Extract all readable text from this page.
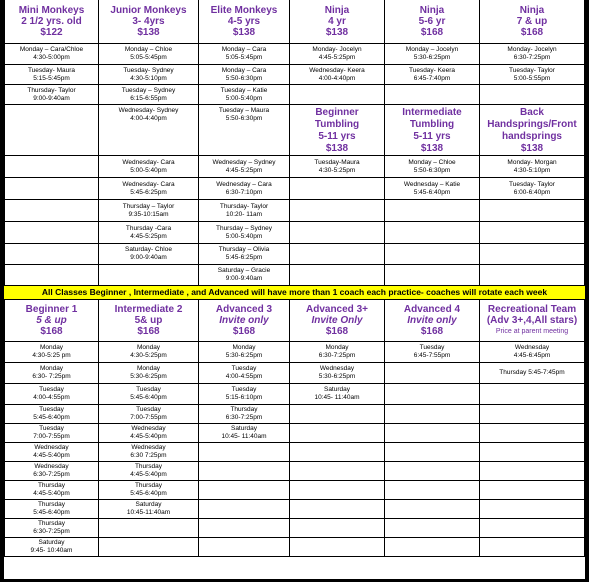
Mini Monkeys
2 1/2 yrs. old
$122
Junior Monkeys
3- 4yrs
$138
Elite Monkeys
4-5 yrs
$138
Ninja
4 yr
$138
Ninja
5-6 yr
$168
Ninja
7 & up
$168
Monday – Cara/Chloe
4:30-5:00pm
Monday – Chloe
5:05-5:45pm
Monday – Cara
5:05-5:45pm
Monday- Jocelyn
4:45-5:25pm
Monday – Jocelyn
5:30-6:25pm
Monday- Jocelyn
6:30-7:25pm
Tuesday- Maura
5:15-5:45pm
Tuesday- Sydney
4:30-5:10pm
Monday – Cara
5:50-6:30pm
Wednesday- Keera
4:00-4:40pm
Tuesday- Keera
6:45-7:40pm
Tuesday- Taylor
5:00-5:55pm
Thursday- Taylor
9:00-9:40am
Tuesday – Sydney
6:15-6:55pm
Tuesday – Katie
5:00-5:40pm
Wednesday- Sydney
4:00-4:40pm
Tuesday – Maura
5:50-6:30pm
Beginner
Tumbling
5-11 yrs
$138
Intermediate
Tumbling
5-11 yrs
$138
Back
Handsprings/Front
handsprings
$138
Wednesday- Cara
5:00-5:40pm
Wednesday – Sydney
4:45-5:25pm
Tuesday-Maura
4:30-5:25pm
Monday – Chloe
5:50-6:30pm
Monday- Morgan
4:30-5:10pm
Wednesday- Cara
5:45-6:25pm
Wednesday – Cara
6:30-7:10pm
Wednesday – Katie
5:45-6:40pm
Tuesday- Taylor
6:00-6:40pm
Thursday – Taylor
9:35-10:15am
Thursday- Taylor
10:20- 11am
Thursday -Cara
4:45-5:25pm
Thursday – Sydney
5:00-5:40pm
Saturday- Chloe
9:00-9:40am
Thursday – Olivia
5:45-6:25pm
Saturday – Gracie
9:00-9:40am
All Classes Beginner , Intermediate , and Advanced will have more than 1 coach each practice- coaches will rotate each week
Beginner 1
5 & up
$168
Intermediate 2
5& up
$168
Advanced 3
Invite only
$168
Advanced 3+
Invite Only
$168
Advanced 4
Invite only
$168
Recreational Team
(Adv 3+,4,All stars)
Price at parent meeting
Monday
4:30-5:25 pm
Monday
4:30-5:25pm
Monday
5:30-6:25pm
Monday
6:30-7:25pm
Tuesday
6:45-7:55pm
Wednesday
4:45-6:45pm
Monday
6:30- 7:25pm
Monday
5:30-6:25pm
Tuesday
4:00-4:55pm
Wednesday
5:30-6:25pm
Thursday 5:45-7:45pm
Tuesday
4:00-4:55pm
Tuesday
5:45-6:40pm
Tuesday
5:15-6:10pm
Saturday
10:45- 11:40am
Tuesday
5:45-6:40pm
Tuesday
7:00-7:55pm
Thursday
6:30-7:25pm
Tuesday
7:00-7:55pm
Wednesday
4:45-5:40pm
Saturday
10:45- 11:40am
Wednesday
4:45-5:40pm
Wednesday
6:30 7:25pm
Wednesday
6:30-7:25pm
Thursday
4:45-5:40pm
Thursday
4:45-5:40pm
Thursday
5:45-6:40pm
Thursday
5:45-6:40pm
Saturday
10:45-11:40am
Thursday
6:30-7:25pm
Saturday
9:45- 10:40am
